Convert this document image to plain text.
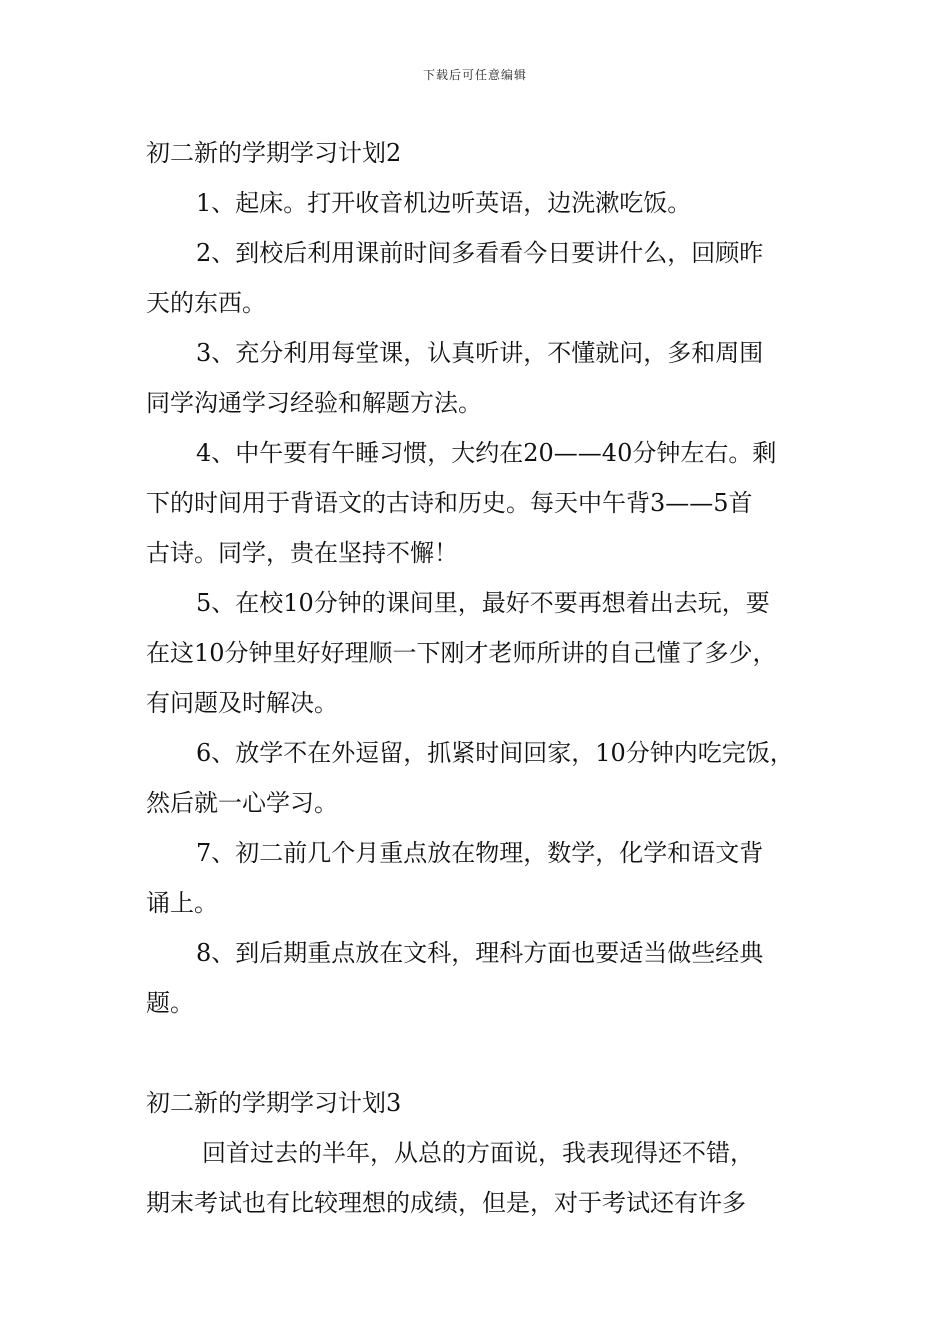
下载后可任意编辑
初二新的学期学习计划2
1、起床。打开收音机边听英语，边洗漱吃饭。
2、到校后利用课前时间多看看今日要讲什么，回顾昨
天的东西。
3、充分利用每堂课，认真听讲，不懂就问，多和周围
同学沟通学习经验和解题方法。
4、中午要有午睡习惯，大约在20——40分钟左右。剩
下的时间用于背语文的古诗和历史。每天中午背3——5首
古诗。同学，贵在坚持不懈！
5、在校10分钟的课间里，最好不要再想着出去玩，要
在这10分钟里好好理顺一下刚才老师所讲的自己懂了多少，
有问题及时解决。
6、放学不在外逗留，抓紧时间回家，10分钟内吃完饭，
然后就一心学习。
7、初二前几个月重点放在物理，数学，化学和语文背
诵上。
8、到后期重点放在文科，理科方面也要适当做些经典
题。
初二新的学期学习计划3
回首过去的半年，从总的方面说，我表现得还不错，
期末考试也有比较理想的成绩，但是，对于考试还有许多
